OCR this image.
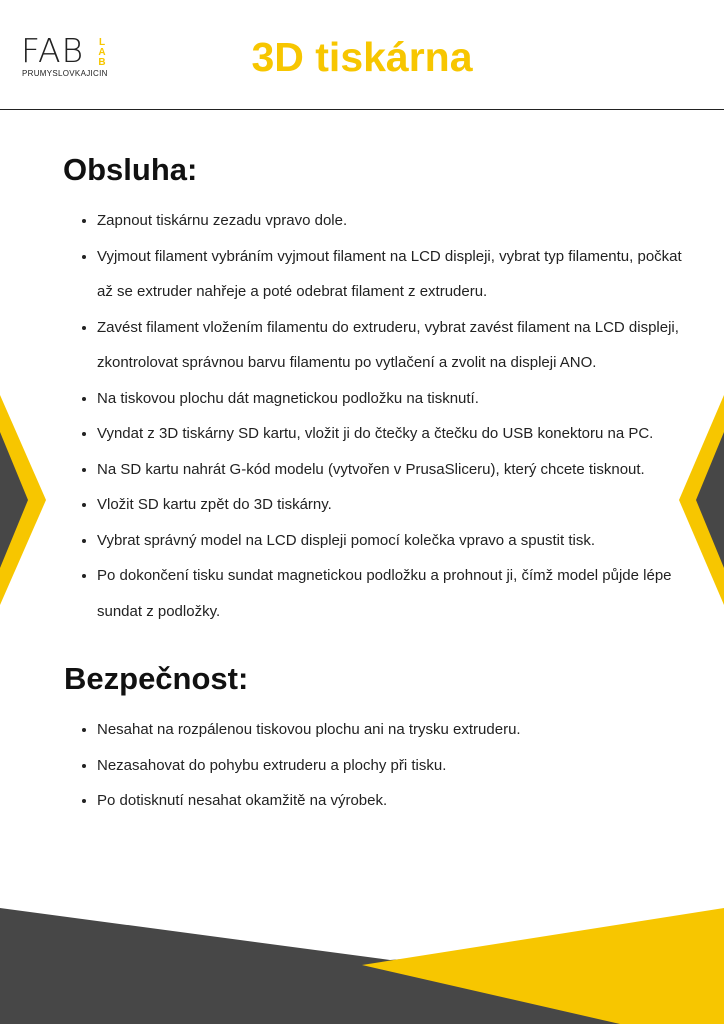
FAB L
A
B
PRUMYSLOVKAJICIN	3D tiskárna
Obsluha:
• Zapnout tiskárnu zezadu vpravo dole.
• Vyjmout filament vybráním vyjmout filament na LCD displeji, vybrat typ filamentu, počkat až se extruder nahřeje a poté odebrat filament z extruderu.
• Zavést filament vložením filamentu do extruderu, vybrat zavést filament na LCD displeji, zkontrolovat správnou barvu filamentu po vytlačení a zvolit na displeji ANO.
• Na tiskovou plochu dát magnetickou podložku na tisknutí.
• Vyndat z 3D tiskárny SD kartu, vložit ji do čtečky a čtečku do USB konektoru na PC.
• Na SD kartu nahrát G-kód modelu (vytvořen v PrusaSliceru), který chcete tisknout.
• Vložit SD kartu zpět do 3D tiskárny.
• Vybrat správný model na LCD displeji pomocí kolečka vpravo a spustit tisk.
• Po dokončení tisku sundat magnetickou podložku a prohnout ji, čímž model půjde lépe sundat z podložky.
Bezpečnost:
• Nesahat na rozpálenou tiskovou plochu ani na trysku extruderu.
• Nezasahovat do pohybu extruderu a plochy při tisku.
• Po dotisknutí nesahat okamžitě na výrobek.
